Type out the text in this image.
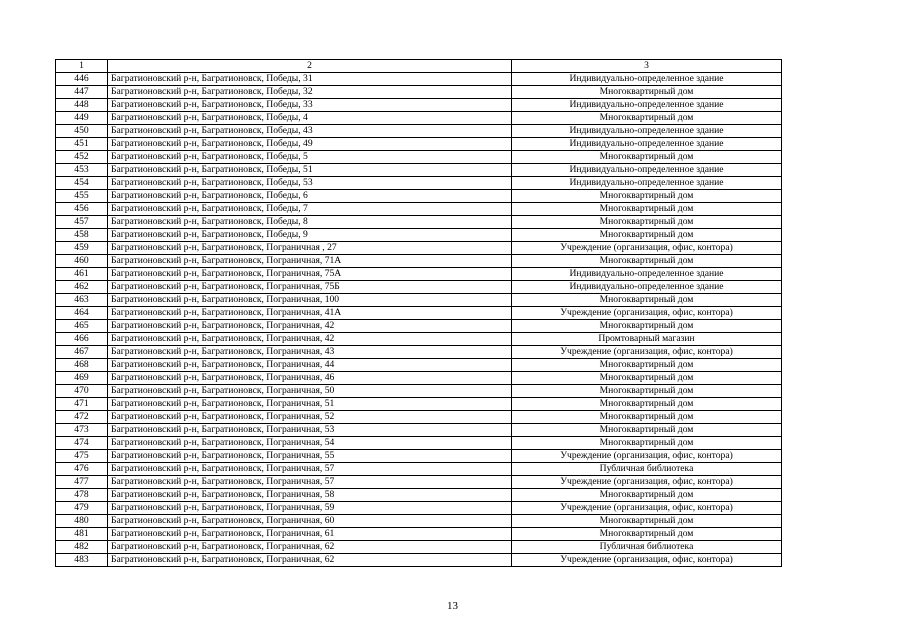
1	2	3
446	Багратионовский р-н, Багратионовск, Победы, 31	Индивидуально-определенное здание
447	Багратионовский р-н, Багратионовск, Победы, 32	Многоквартирный дом
448	Багратионовский р-н, Багратионовск, Победы, 33	Индивидуально-определенное здание
449	Багратионовский р-н, Багратионовск, Победы, 4	Многоквартирный дом
450	Багратионовский р-н, Багратионовск, Победы, 43	Индивидуально-определенное здание
451	Багратионовский р-н, Багратионовск, Победы, 49	Индивидуально-определенное здание
452	Багратионовский р-н, Багратионовск, Победы, 5	Многоквартирный дом
453	Багратионовский р-н, Багратионовск, Победы, 51	Индивидуально-определенное здание
454	Багратионовский р-н, Багратионовск, Победы, 53	Индивидуально-определенное здание
455	Багратионовский р-н, Багратионовск, Победы, 6	Многоквартирный дом
456	Багратионовский р-н, Багратионовск, Победы, 7	Многоквартирный дом
457	Багратионовский р-н, Багратионовск, Победы, 8	Многоквартирный дом
458	Багратионовский р-н, Багратионовск, Победы, 9	Многоквартирный дом
459	Багратионовский р-н, Багратионовск, Пограничная , 27	Учреждение (организация, офис, контора)
460	Багратионовский р-н, Багратионовск, Пограничная, 71А	Многоквартирный дом
461	Багратионовский р-н, Багратионовск, Пограничная, 75А	Индивидуально-определенное здание
462	Багратионовский р-н, Багратионовск, Пограничная, 75Б	Индивидуально-определенное здание
463	Багратионовский р-н, Багратионовск, Пограничная, 100	Многоквартирный дом
464	Багратионовский р-н, Багратионовск, Пограничная, 41А	Учреждение (организация, офис, контора)
465	Багратионовский р-н, Багратионовск, Пограничная, 42	Многоквартирный дом
466	Багратионовский р-н, Багратионовск, Пограничная, 42	Промтоварный магазин
467	Багратионовский р-н, Багратионовск, Пограничная, 43	Учреждение (организация, офис, контора)
468	Багратионовский р-н, Багратионовск, Пограничная, 44	Многоквартирный дом
469	Багратионовский р-н, Багратионовск, Пограничная, 46	Многоквартирный дом
470	Багратионовский р-н, Багратионовск, Пограничная, 50	Многоквартирный дом
471	Багратионовский р-н, Багратионовск, Пограничная, 51	Многоквартирный дом
472	Багратионовский р-н, Багратионовск, Пограничная, 52	Многоквартирный дом
473	Багратионовский р-н, Багратионовск, Пограничная, 53	Многоквартирный дом
474	Багратионовский р-н, Багратионовск, Пограничная, 54	Многоквартирный дом
475	Багратионовский р-н, Багратионовск, Пограничная, 55	Учреждение (организация, офис, контора)
476	Багратионовский р-н, Багратионовск, Пограничная, 57	Публичная библиотека
477	Багратионовский р-н, Багратионовск, Пограничная, 57	Учреждение (организация, офис, контора)
478	Багратионовский р-н, Багратионовск, Пограничная, 58	Многоквартирный дом
479	Багратионовский р-н, Багратионовск, Пограничная, 59	Учреждение (организация, офис, контора)
480	Багратионовский р-н, Багратионовск, Пограничная, 60	Многоквартирный дом
481	Багратионовский р-н, Багратионовск, Пограничная, 61	Многоквартирный дом
482	Багратионовский р-н, Багратионовск, Пограничная, 62	Публичная библиотека
483	Багратионовский р-н, Багратионовск, Пограничная, 62	Учреждение (организация, офис, контора)
13
